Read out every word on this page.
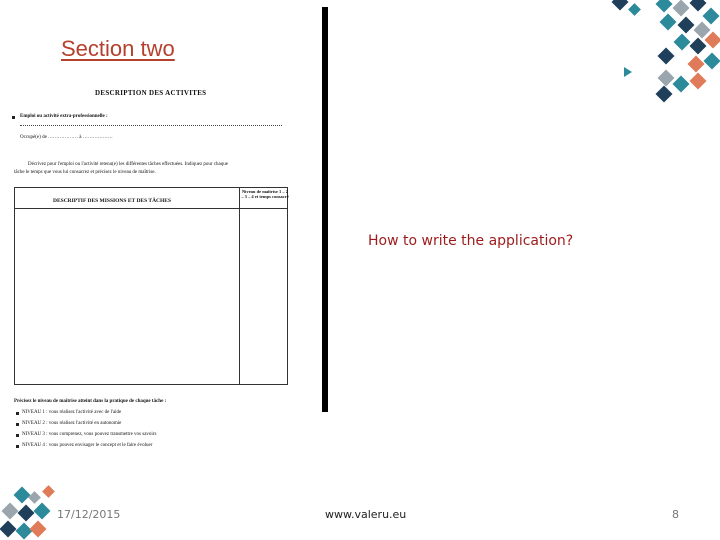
Section two
DESCRIPTION DES ACTIVITES
Emploi ou activité extra-professionnelle :
Occupé(e) de ……………… à ………………
Décrivez pour l'emploi ou l'activité retenu(e) les différentes tâches effectuées. Indiquez pour chaque
tâche le temps que vous lui consacrez et précisez le niveau de maîtrise.
DESCRIPTIF DES MISSIONS ET DES TÂCHES
Niveau de maîtrise 1 – 2 – 3 – 4 et temps consacré
Précisez le niveau de maîtrise atteint dans la pratique de chaque tâche :
NIVEAU 1 : vous réalisez l'activité avec de l'aide
NIVEAU 2 : vous réalisez l'activité en autonomie
NIVEAU 3 : vous comprenez, vous pouvez transmettre vos savoirs
NIVEAU 4 : vous pouvez envisager le concept et le faire évoluer
How to write the application?
17/12/2015	www.valeru.eu	8
